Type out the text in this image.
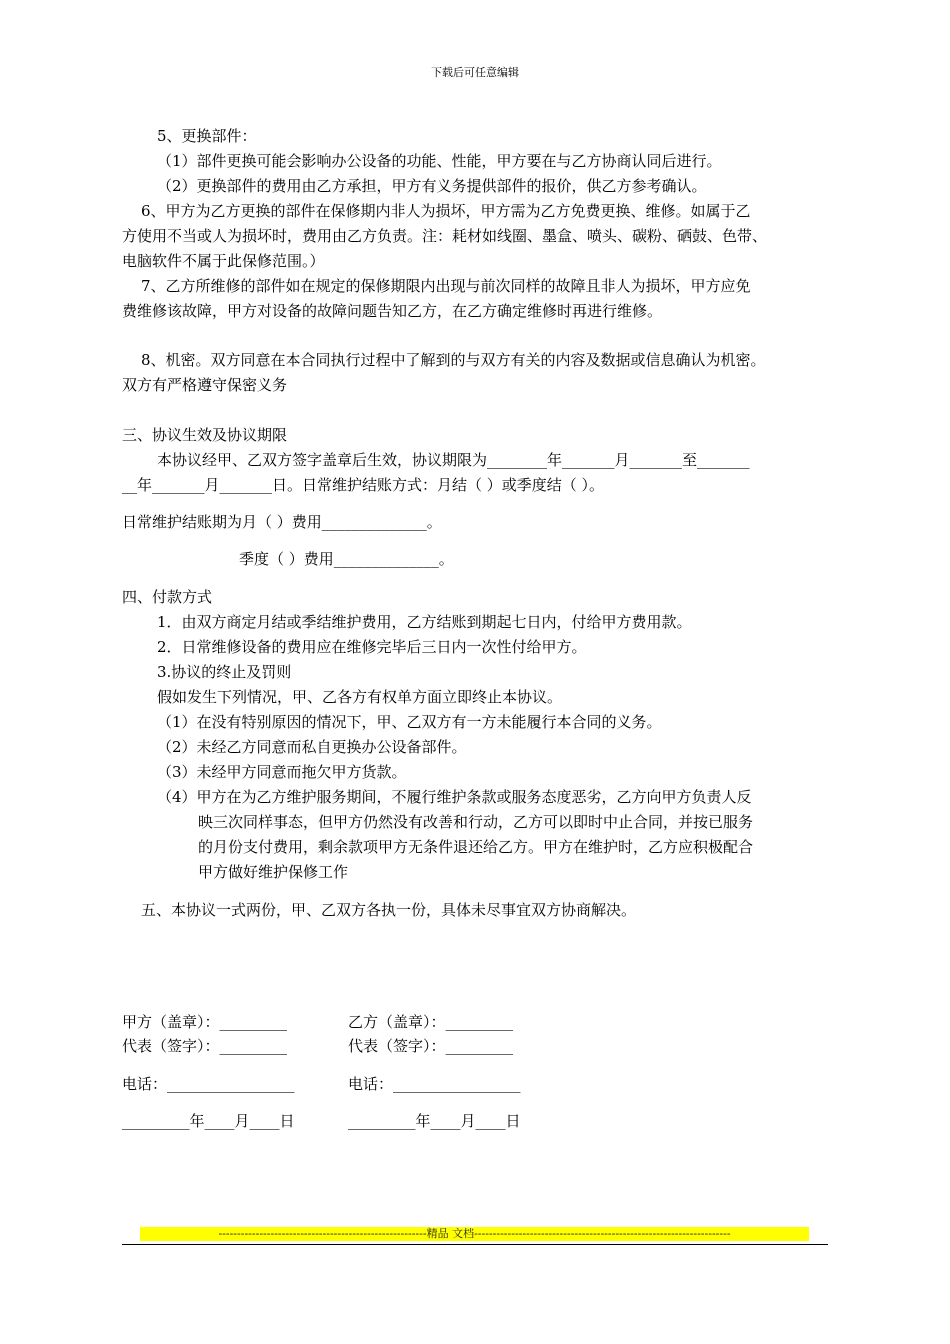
下载后可任意编辑
5、更换部件：
（1）部件更换可能会影响办公设备的功能、性能，甲方要在与乙方协商认同后进行。
（2）更换部件的费用由乙方承担，甲方有义务提供部件的报价，供乙方参考确认。
6、甲方为乙方更换的部件在保修期内非人为损坏，甲方需为乙方免费更换、维修。如属于乙
方使用不当或人为损坏时，费用由乙方负责。注：耗材如线圈、墨盒、喷头、碳粉、硒鼓、色带、
电脑软件不属于此保修范围。）
7、乙方所维修的部件如在规定的保修期限内出现与前次同样的故障且非人为损坏，甲方应免
费维修该故障，甲方对设备的故障问题告知乙方，在乙方确定维修时再进行维修。
8、机密。双方同意在本合同执行过程中了解到的与双方有关的内容及数据或信息确认为机密。
双方有严格遵守保密义务
三、协议生效及协议期限
本协议经甲、乙双方签字盖章后生效，协议期限为________年_______月_______至_______
__年_______月_______日。日常维护结账方式：月结（ ）或季度结（ ）。
日常维护结账期为月（ ）费用______________。
季度（ ）费用______________。
四、付款方式
1．由双方商定月结或季结维护费用，乙方结账到期起七日内，付给甲方费用款。
2．日常维修设备的费用应在维修完毕后三日内一次性付给甲方。
3.协议的终止及罚则
假如发生下列情况，甲、乙各方有权单方面立即终止本协议。
（1）在没有特别原因的情况下，甲、乙双方有一方未能履行本合同的义务。
（2）未经乙方同意而私自更换办公设备部件。
（3）未经甲方同意而拖欠甲方货款。
（4）甲方在为乙方维护服务期间，不履行维护条款或服务态度恶劣，乙方向甲方负责人反
映三次同样事态，但甲方仍然没有改善和行动，乙方可以即时中止合同，并按已服务
的月份支付费用，剩余款项甲方无条件退还给乙方。甲方在维护时，乙方应积极配合
甲方做好维护保修工作
五、本协议一式两份，甲、乙双方各执一份，具体未尽事宜双方协商解决。
甲方（盖章）：_________	乙方（盖章）：_________
代表（签字）：_________	代表（签字）：_________
电话：_________________	电话：_________________
_________年____月____日	_________年____月____日
--------------------------------------------------------精品 文档---------------------------------------------------------------------
